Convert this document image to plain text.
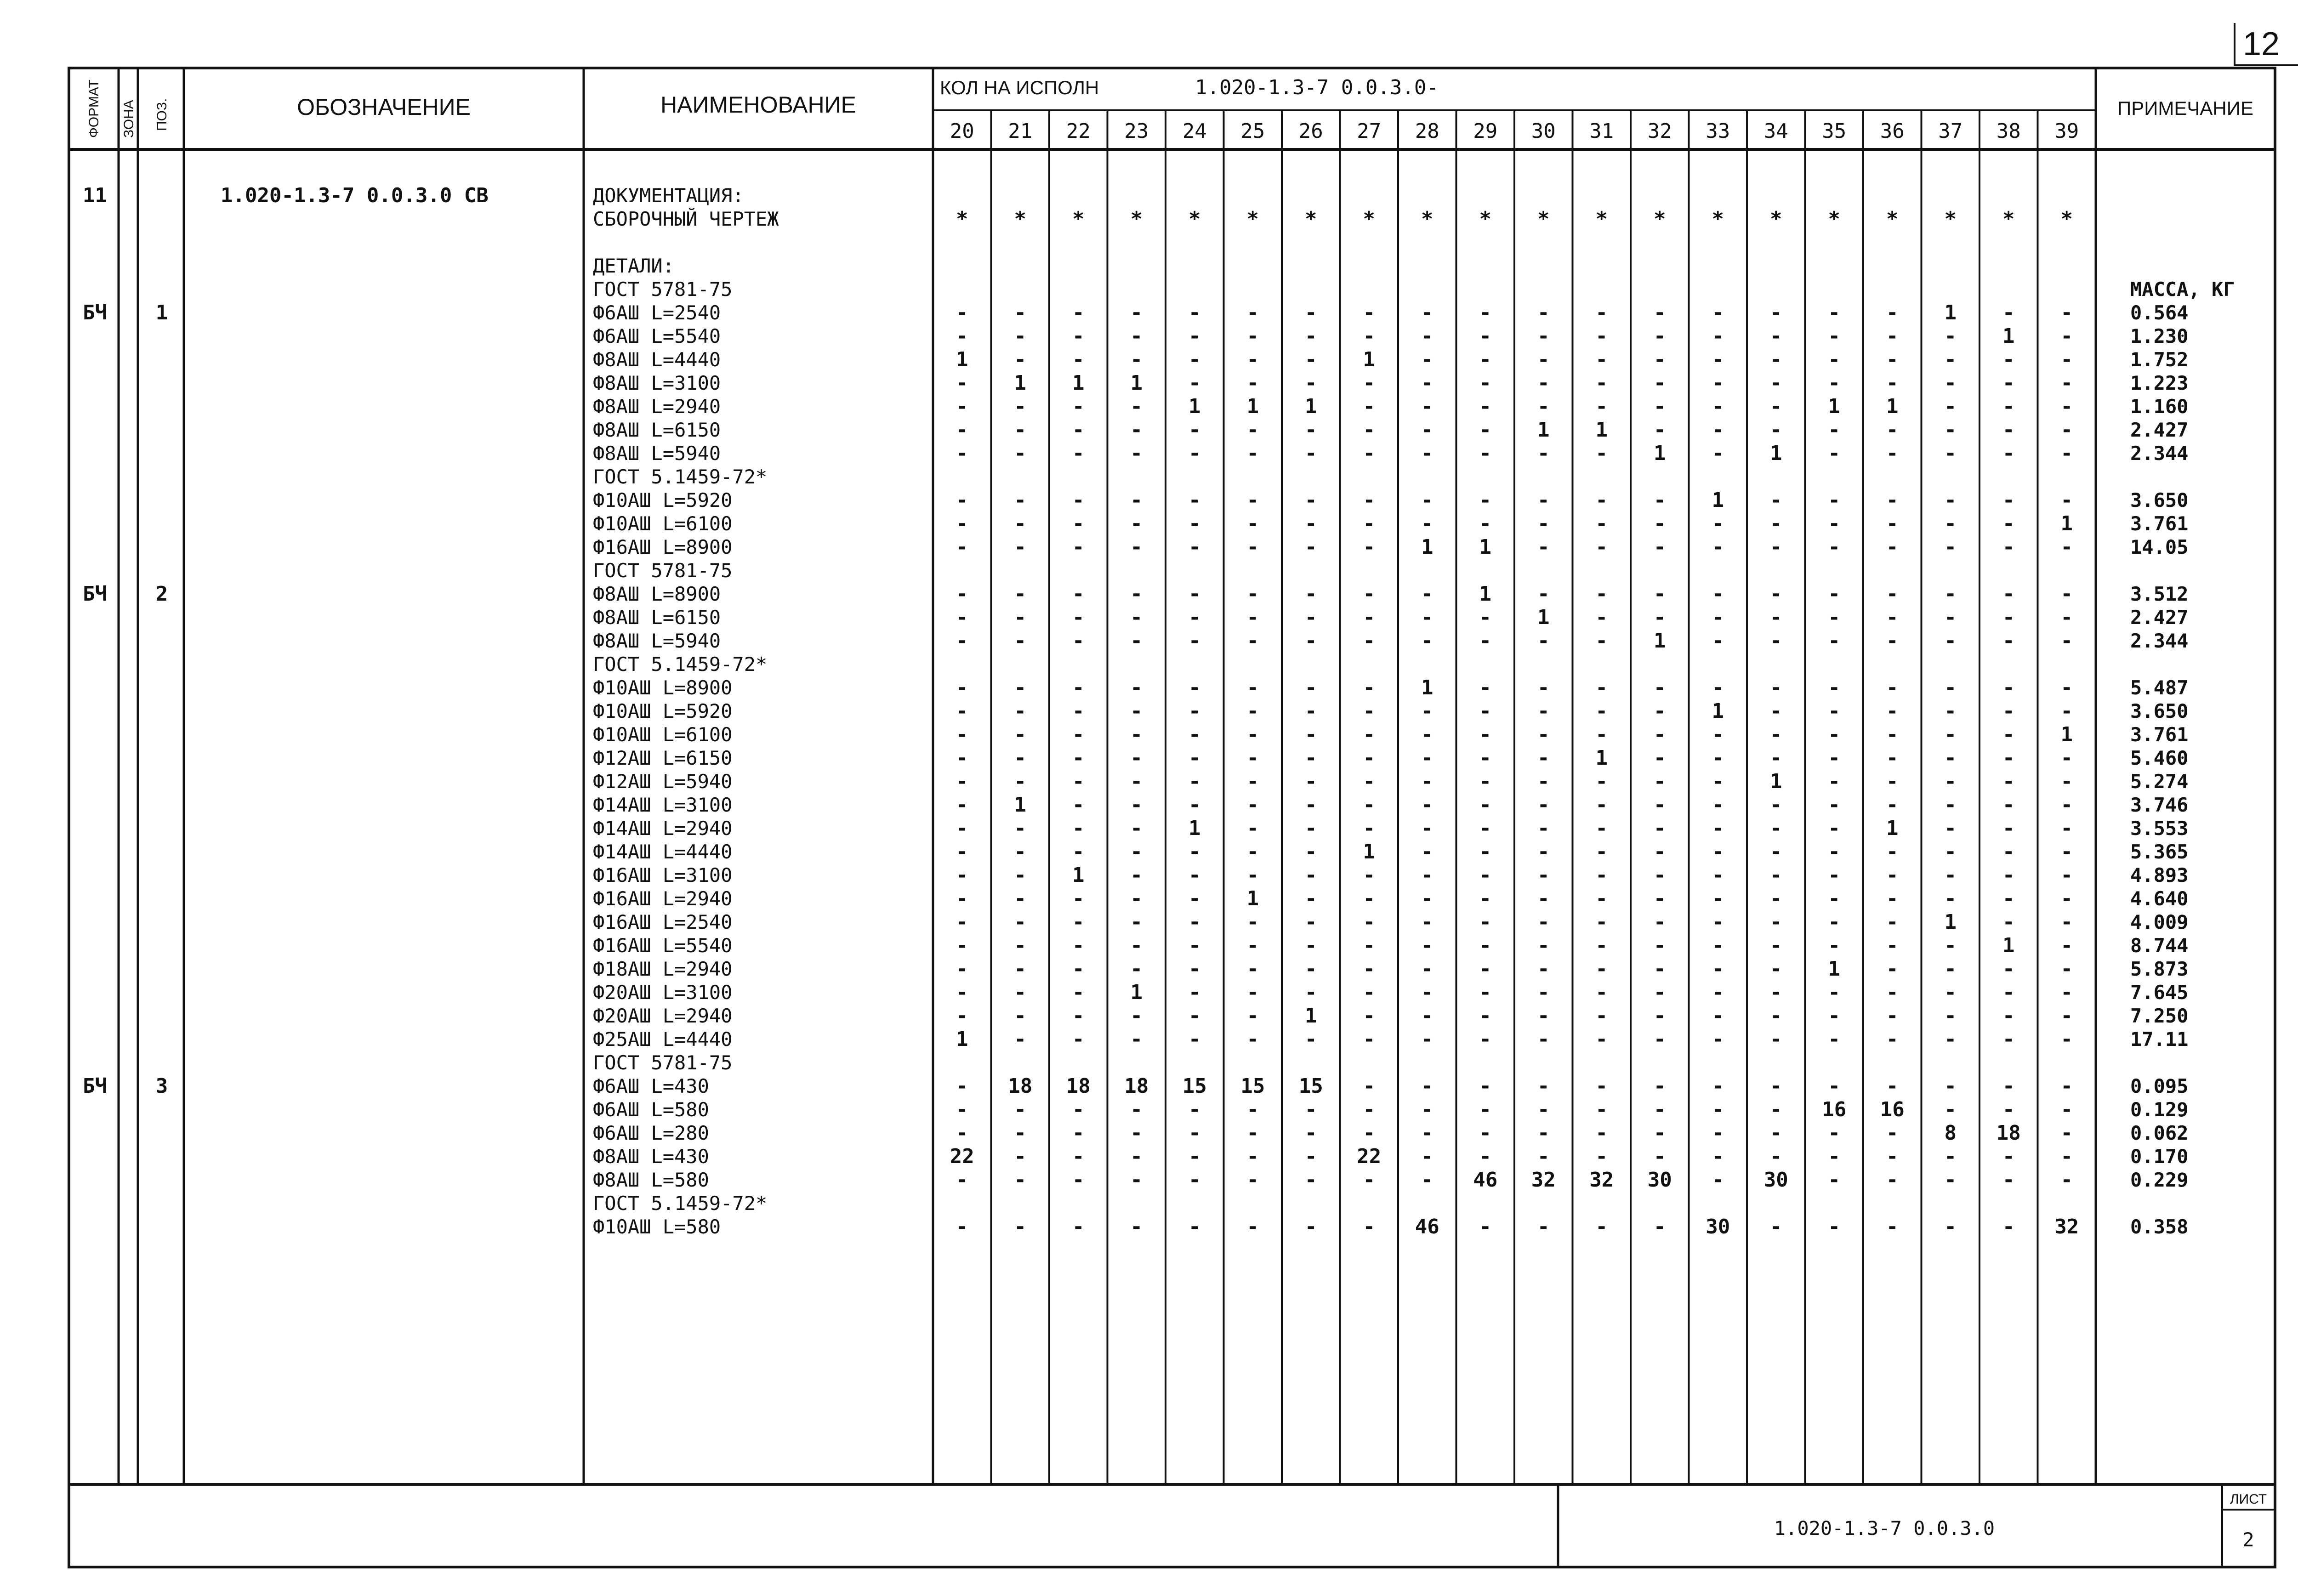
12
ФОРМАТ ЗОНА ПОЗ.	ОБОЗНАЧЕНИЕ	НАИМЕНОВАНИЕ
КОЛ НА ИСПОЛН	1.020-1.3-7 0.0.3.0-
ПРИМЕЧАНИЕ
20 21 22 23 24 25 26 27 28 29 30 31 32 33 34 35 36 37 38 39
11	1.020-1.3-7 0.0.3.0 СВ	ДОКУМЕНТАЦИЯ:
СБОРОЧНЫЙ ЧЕРТЕЖ	* * * * * * * * * * * * * * * * * * * *
ДЕТАЛИ:
ГОСТ 5781-75	МАССА, КГ
БЧ 1	Ф6АШ L=2540	- - - - - - - - - - - - - - - - - 1 - -	0.564
Ф6АШ L=5540	- - - - - - - - - - - - - - - - - - 1 -	1.230
Ф8АШ L=4440	1 - - - - - - 1 - - - - - - - - - - - -	1.752
Ф8АШ L=3100	- 1 1 1 - - - - - - - - - - - - - - - -	1.223
Ф8АШ L=2940	- - - - 1 1 1 - - - - - - - - 1 1 - - -	1.160
Ф8АШ L=6150	- - - - - - - - - - 1 1 - - - - - - - -	2.427
Ф8АШ L=5940	- - - - - - - - - - - - 1 - 1 - - - - -	2.344
ГОСТ 5.1459-72*
Ф10АШ L=5920	- - - - - - - - - - - - - 1 - - - - - -	3.650
Ф10АШ L=6100	- - - - - - - - - - - - - - - - - - - 1	3.761
Ф16АШ L=8900	- - - - - - - - 1 1 - - - - - - - - - -	14.05
ГОСТ 5781-75
БЧ 2	Ф8АШ L=8900	- - - - - - - - - 1 - - - - - - - - - -	3.512
Ф8АШ L=6150	- - - - - - - - - - 1 - - - - - - - - -	2.427
Ф8АШ L=5940	- - - - - - - - - - - - 1 - - - - - - -	2.344
ГОСТ 5.1459-72*
Ф10АШ L=8900	- - - - - - - - 1 - - - - - - - - - - -	5.487
Ф10АШ L=5920	- - - - - - - - - - - - - 1 - - - - - -	3.650
Ф10АШ L=6100	- - - - - - - - - - - - - - - - - - - 1	3.761
Ф12АШ L=6150	- - - - - - - - - - - 1 - - - - - - - -	5.460
Ф12АШ L=5940	- - - - - - - - - - - - - - 1 - - - - -	5.274
Ф14АШ L=3100	- 1 - - - - - - - - - - - - - - - - - -	3.746
Ф14АШ L=2940	- - - - 1 - - - - - - - - - - - 1 - - -	3.553
Ф14АШ L=4440	- - - - - - - 1 - - - - - - - - - - - -	5.365
Ф16АШ L=3100	- - 1 - - - - - - - - - - - - - - - - -	4.893
Ф16АШ L=2940	- - - - - 1 - - - - - - - - - - - - - -	4.640
Ф16АШ L=2540	- - - - - - - - - - - - - - - - - 1 - -	4.009
Ф16АШ L=5540	- - - - - - - - - - - - - - - - - - 1 -	8.744
Ф18АШ L=2940	- - - - - - - - - - - - - - - 1 - - - -	5.873
Ф20АШ L=3100	- - - 1 - - - - - - - - - - - - - - - -	7.645
Ф20АШ L=2940	- - - - - - 1 - - - - - - - - - - - - -	7.250
Ф25АШ L=4440	1 - - - - - - - - - - - - - - - - - - -	17.11
ГОСТ 5781-75
БЧ 3	Ф6АШ L=430	- 18 18 18 15 15 15 - - - - - - - - - - - - -	0.095
Ф6АШ L=580	- - - - - - - - - - - - - - - 16 16 - - -	0.129
Ф6АШ L=280	- - - - - - - - - - - - - - - - - 8 18 -	0.062
Ф8АШ L=430	22 - - - - - - 22 - - - - - - - - - - - -	0.170
Ф8АШ L=580	- - - - - - - - - 46 32 32 30 - 30 - - - - -	0.229
ГОСТ 5.1459-72*
Ф10АШ L=580	- - - - - - - - 46 - - - - 30 - - - - - 32	0.358
1.020-1.3-7 0.0.3.0
ЛИСТ
2
